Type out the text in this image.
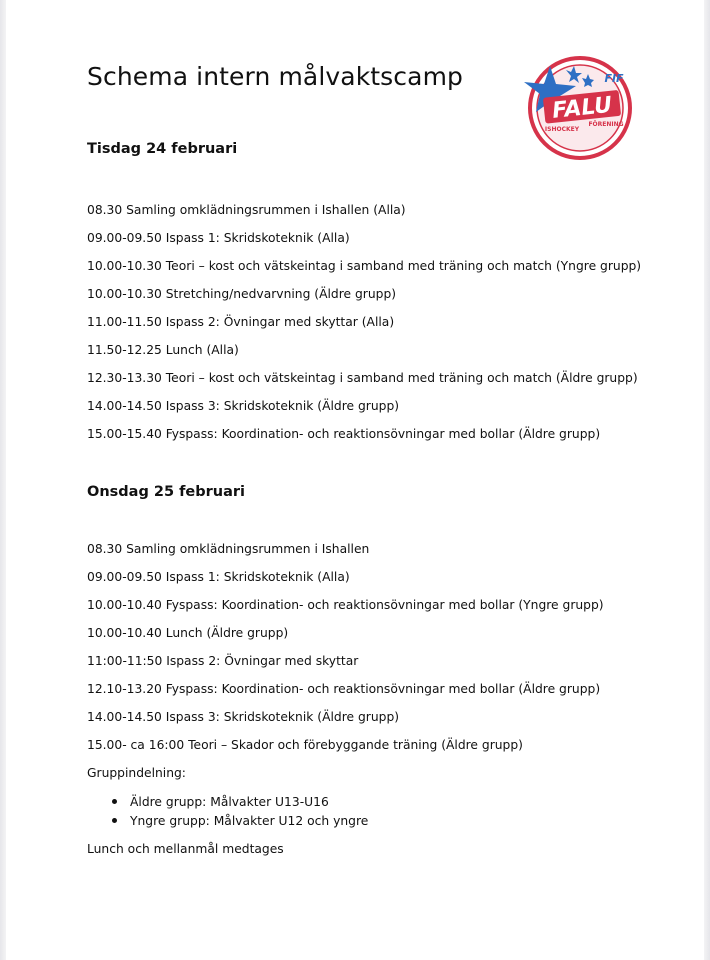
Schema intern målvaktscamp
FALU
FIF
ISHOCKEY
FÖRENING
Tisdag 24 februari
08.30 Samling omklädningsrummen i Ishallen (Alla)
09.00-09.50 Ispass 1: Skridskoteknik (Alla)
10.00-10.30 Teori – kost och vätskeintag i samband med träning och match (Yngre grupp)
10.00-10.30 Stretching/nedvarvning (Äldre grupp)
11.00-11.50 Ispass 2: Övningar med skyttar (Alla)
11.50-12.25 Lunch (Alla)
12.30-13.30 Teori – kost och vätskeintag i samband med träning och match (Äldre grupp)
14.00-14.50 Ispass 3: Skridskoteknik (Äldre grupp)
15.00-15.40 Fyspass: Koordination- och reaktionsövningar med bollar (Äldre grupp)
Onsdag 25 februari
08.30 Samling omklädningsrummen i Ishallen
09.00-09.50 Ispass 1: Skridskoteknik (Alla)
10.00-10.40 Fyspass: Koordination- och reaktionsövningar med bollar (Yngre grupp)
10.00-10.40 Lunch (Äldre grupp)
11:00-11:50 Ispass 2: Övningar med skyttar
12.10-13.20 Fyspass: Koordination- och reaktionsövningar med bollar (Äldre grupp)
14.00-14.50 Ispass 3: Skridskoteknik (Äldre grupp)
15.00- ca 16:00 Teori – Skador och förebyggande träning (Äldre grupp)
Gruppindelning:
Äldre grupp: Målvakter U13-U16
Yngre grupp: Målvakter U12 och yngre
Lunch och mellanmål medtages
